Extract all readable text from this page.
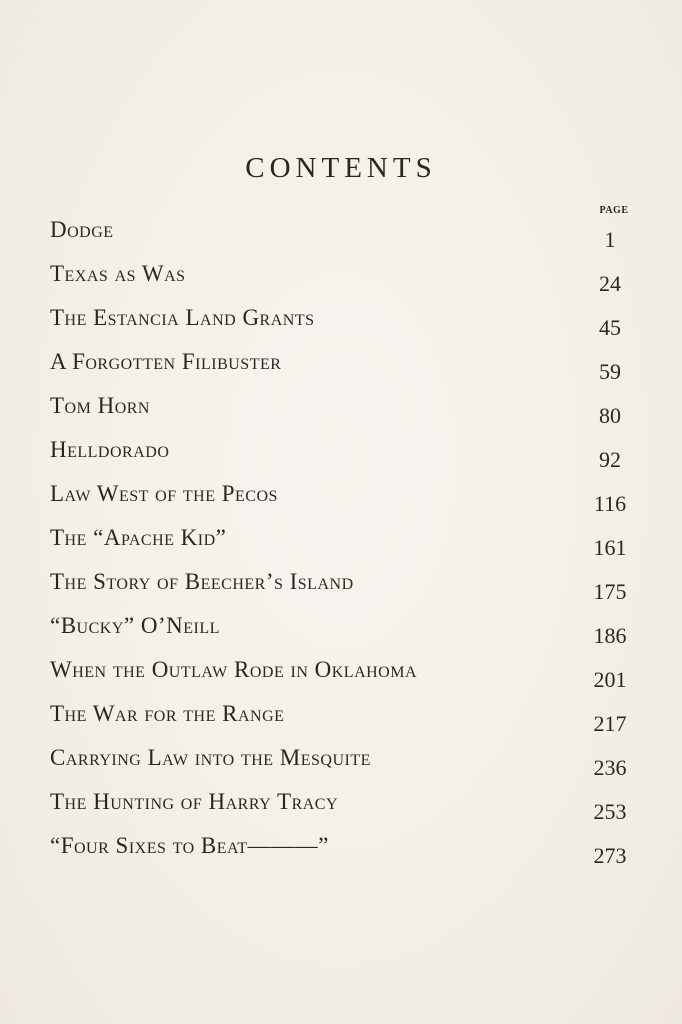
CONTENTS
PAGE
Dodge	1
Texas as Was	24
The Estancia Land Grants	45
A Forgotten Filibuster	59
Tom Horn	80
Helldorado	92
Law West of the Pecos	116
The “Apache Kid”	161
The Story of Beecher’s Island	175
“Bucky” O’Neill	186
When the Outlaw Rode in Oklahoma	201
The War for the Range	217
Carrying Law into the Mesquite	236
The Hunting of Harry Tracy	253
“Four Sixes to Beat———”	273
